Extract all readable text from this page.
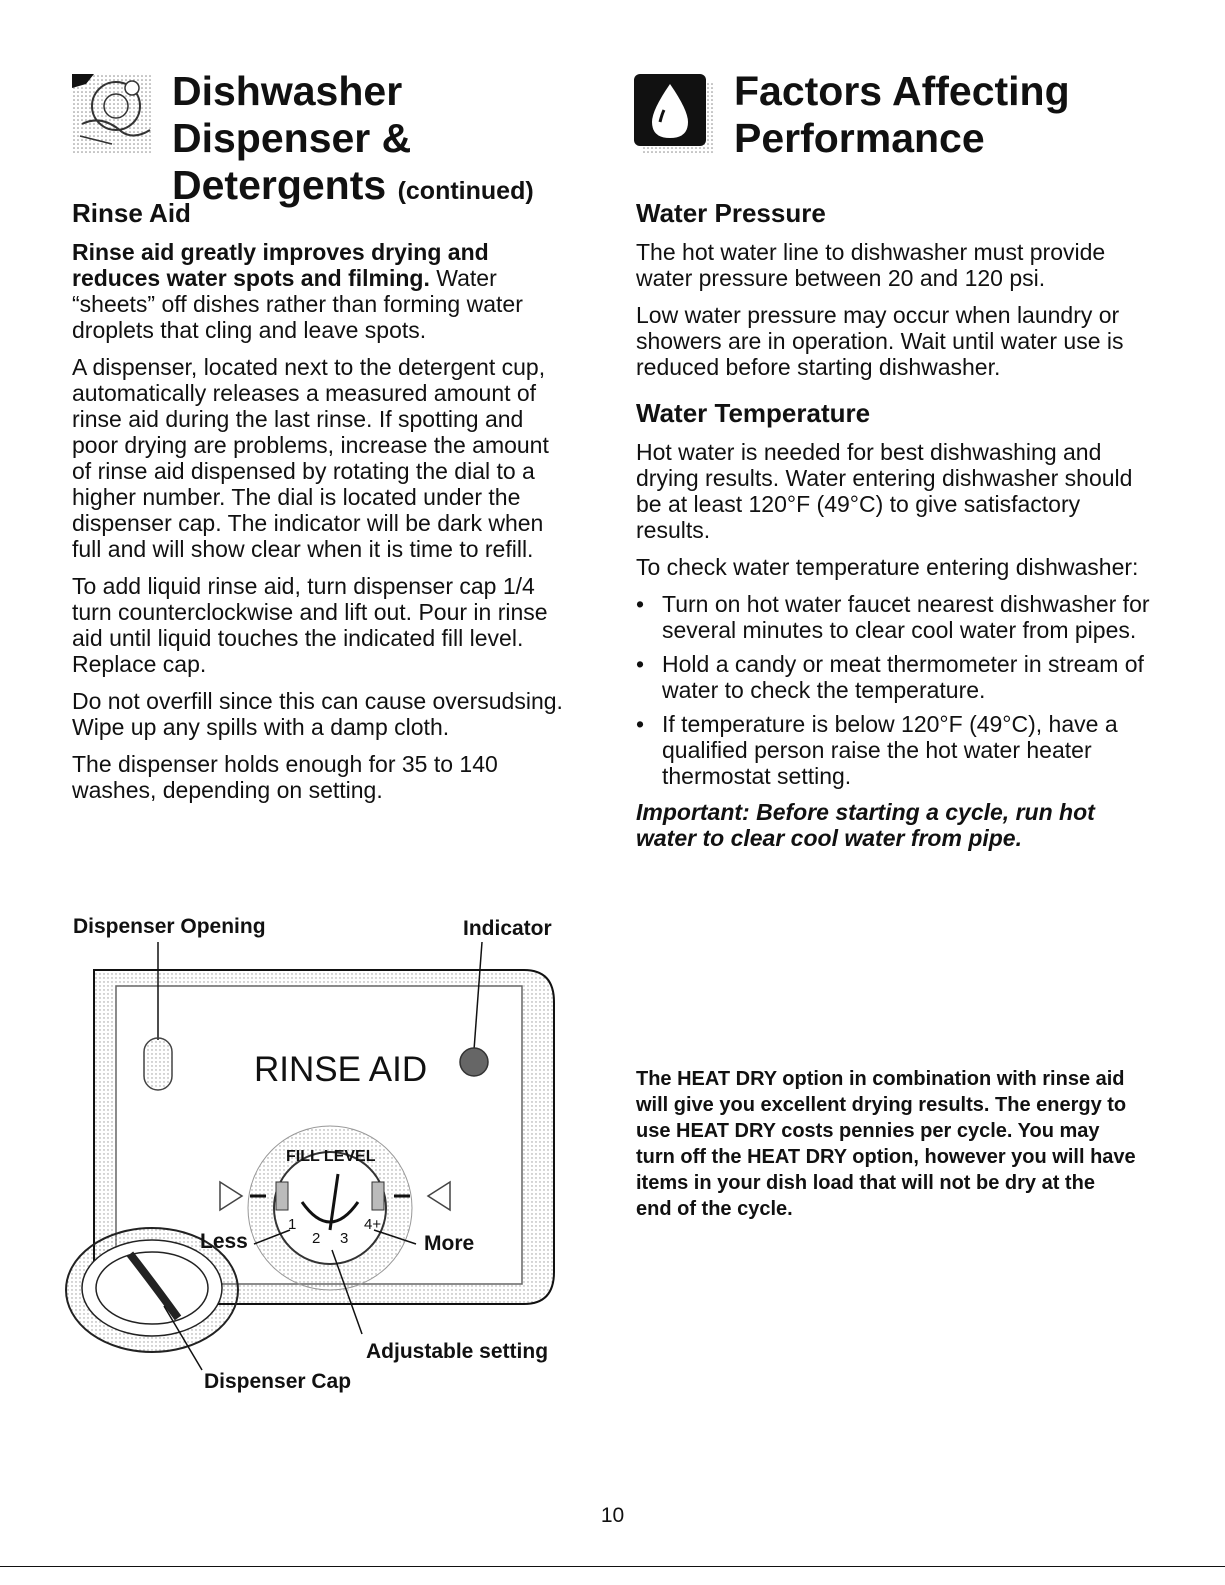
Dishwasher
Dispenser &
Detergents (continued)
Rinse Aid

Rinse aid greatly improves drying and reduces water spots and filming. Water “sheets” off dishes rather than forming water droplets that cling and leave spots.

A dispenser, located next to the detergent cup, automatically releases a measured amount of rinse aid during the last rinse. If spotting and poor drying are problems, increase the amount of rinse aid dispensed by rotating the dial to a higher number. The dial is located under the dispenser cap. The indicator will be dark when full and will show clear when it is time to refill.

To add liquid rinse aid, turn dispenser cap 1/4 turn counterclockwise and lift out. Pour in rinse aid until liquid touches the indicated fill level. Replace cap.

Do not overfill since this can cause oversudsing. Wipe up any spills with a damp cloth.

The dispenser holds enough for 35 to 140 washes, depending on setting.

Dispenser Opening	Indicator
RINSE AID
FILL LEVEL
1
2 3
4+
Less	More
Adjustable setting
Dispenser Cap
Factors Affecting
Performance
Water Pressure

The hot water line to dishwasher must provide water pressure between 20 and 120 psi.

Low water pressure may occur when laundry or showers are in operation. Wait until water use is reduced before starting dishwasher.

Water Temperature

Hot water is needed for best dishwashing and drying results. Water entering dishwasher should be at least 120°F (49°C) to give satisfactory results.

To check water temperature entering dishwasher:

• Turn on hot water faucet nearest dishwasher for several minutes to clear cool water from pipes.
• Hold a candy or meat thermometer in stream of water to check the temperature.
• If temperature is below 120°F (49°C), have a qualified person raise the hot water heater thermostat setting.
Important: Before starting a cycle, run hot water to clear cool water from pipe.
The HEAT DRY option in combination with rinse aid will give you excellent drying results. The energy to use HEAT DRY costs pennies per cycle. You may turn off the HEAT DRY option, however you will have items in your dish load that will not be dry at the end of the cycle.
10
